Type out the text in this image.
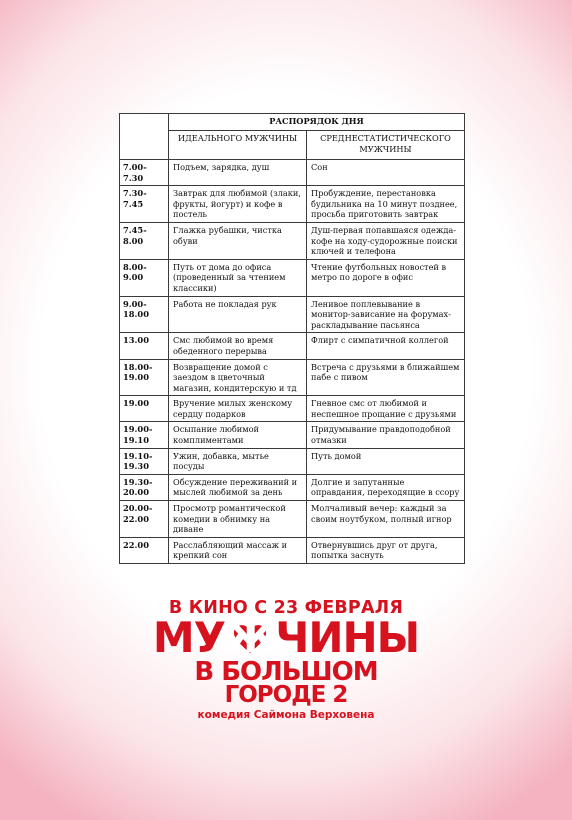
	РАСПОРЯДОК ДНЯ	
	ИДЕАЛЬНОГО МУЖЧИНЫ	СРЕДНЕСТАТИСТИЧЕСКОГО МУЖЧИНЫ
7.00-7.30	Подъем, зарядка, душ	Сон
7.30-7.45	Завтрак для любимой (злаки, фрукты, йогурт) и кофе в постель	Пробуждение, перестановка будильника на 10 минут позднее, просьба приготовить завтрак
7.45-8.00	Глажка рубашки, чистка обуви	Душ-первая попавшаяся одежда-кофе на ходу-судорожные поиски ключей и телефона
8.00-9.00	Путь от дома до офиса (проведенный за чтением классики)	Чтение футбольных новостей в метро по дороге в офис
9.00-18.00	Работа не покладая рук	Ленивое поплевывание в монитор-зависание на форумах-раскладывание пасьянса
13.00	Смс любимой во время обеденного перерыва	Флирт с симпатичной коллегой
18.00-19.00	Возвращение домой с заездом в цветочный магазин, кондитерскую и тд	Встреча с друзьями в ближайшем пабе с пивом
19.00	Вручение милых женскому сердцу подарков	Гневное смс от любимой и неспешное прощание с друзьями
19.00-19.10	Осыпание любимой комплиментами	Придумывание правдоподобной отмазки
19.10-19.30	Ужин, добавка, мытье посуды	Путь домой
19.30-20.00	Обсуждение переживаний и мыслей любимой за день	Долгие и запутанные оправдания, переходящие в ссору
20.00-22.00	Просмотр романтической комедии в обнимку на диване	Молчаливый вечер: каждый за своим ноутбуком, полный игнор
22.00	Расслабляющий массаж и крепкий сон	Отвернувшись друг от друга, попытка заснуть
В КИНО С 23 ФЕВРАЛЯ
МУ
ЖЧИНЫ
В БОЛЬШОМ
ГОРОДЕ 2
комедия Саймона Верховена
